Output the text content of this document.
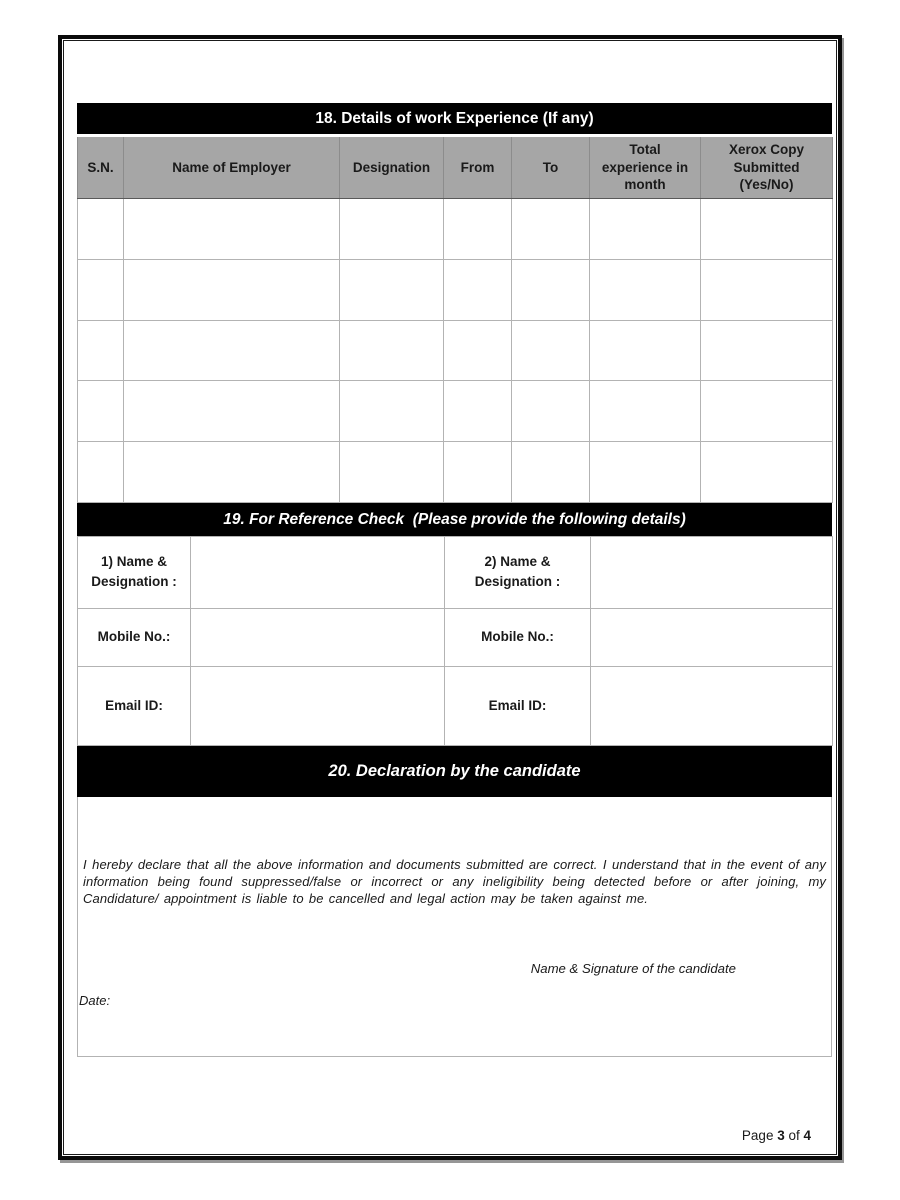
18. Details of work Experience (If any)
S.N.	Name of Employer	Designation	From	To	Total experience in month	Xerox Copy Submitted (Yes/No)

19. For Reference Check  (Please provide the following details)
1) Name & Designation :		2) Name & Designation :	
Mobile No.:		Mobile No.:	
Email ID:		Email ID:	
20. Declaration by the candidate
I hereby declare that all the above information and documents submitted are correct. I understand that in the event of any information being found suppressed/false or incorrect or any ineligibility being detected before or after joining, my Candidature/ appointment is liable to be cancelled and legal action may be taken against me.
Name & Signature of the candidate
Date:

Page 3 of 4
